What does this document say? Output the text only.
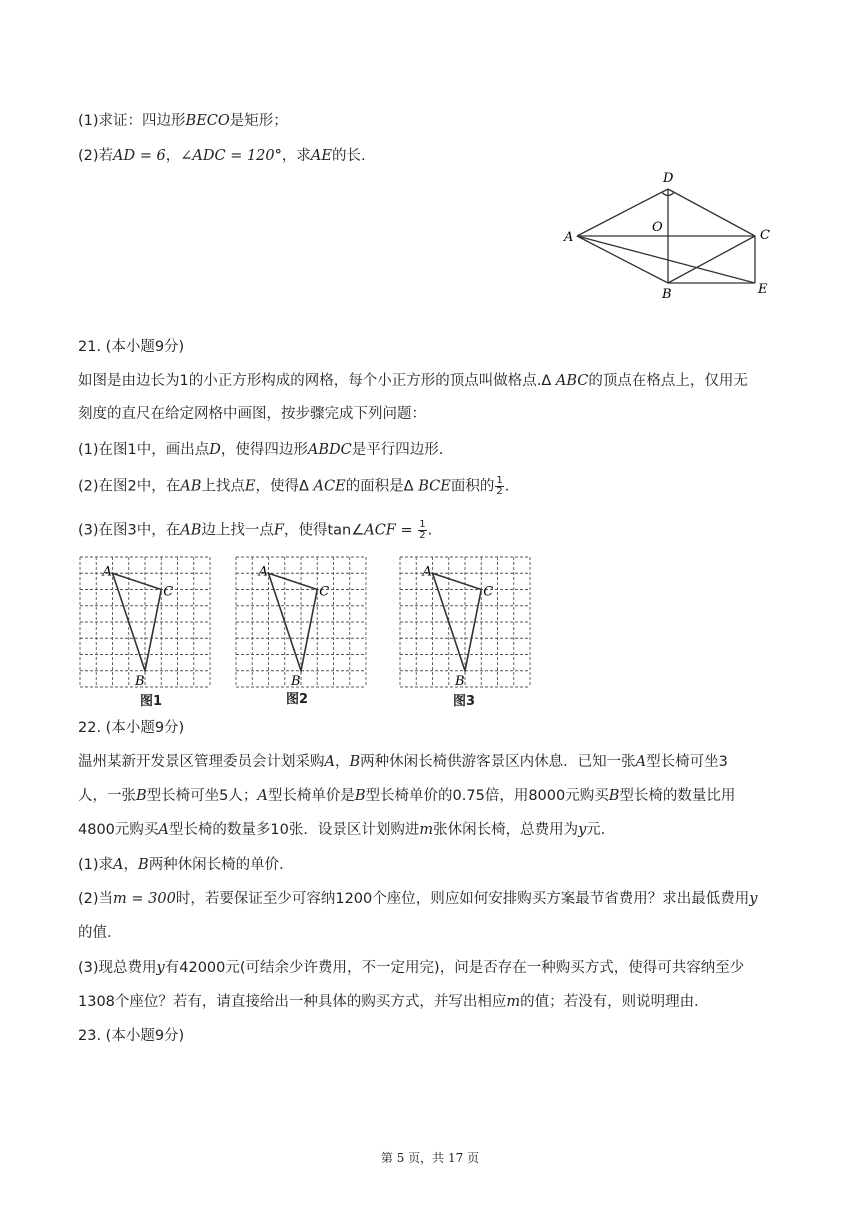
(1)求证：四边形BECO是矩形；
(2)若AD = 6，∠ADC = 120°，求AE的长.
D
O
A	C
B	E
21. (本小题9分)
如图是由边长为1的小正方形构成的网格，每个小正方形的顶点叫做格点.Δ ABC的顶点在格点上，仅用无
刻度的直尺在给定网格中画图，按步骤完成下列问题：
(1)在图1中，画出点D，使得四边形ABDC是平行四边形.
(2)在图2中，在AB上找点E，使得Δ ACE的面积是Δ BCE面积的 $\frac{1}{2}$ .
(3)在图3中，在AB边上找一点F，使得tan∠ACF = $\frac{1}{2}$ .
A
C
B
A
C
B
A
C
B
图1	图2	图3
22. (本小题9分)
温州某新开发景区管理委员会计划采购A，B两种休闲长椅供游客景区内休息．已知一张A型长椅可坐3
人，一张B型长椅可坐5人；A型长椅单价是B型长椅单价的0.75倍，用8000元购买B型长椅的数量比用
4800元购买A型长椅的数量多10张．设景区计划购进m张休闲长椅，总费用为y元．
(1)求A，B两种休闲长椅的单价．
(2)当m = 300时，若要保证至少可容纳1200个座位，则应如何安排购买方案最节省费用？求出最低费用y
的值．
(3)现总费用y有42000元(可结余少许费用，不一定用完)，问是否存在一种购买方式，使得可共容纳至少
1308个座位？若有，请直接给出一种具体的购买方式，并写出相应m的值；若没有，则说明理由．
23. (本小题9分)
第 5 页，共 17 页
